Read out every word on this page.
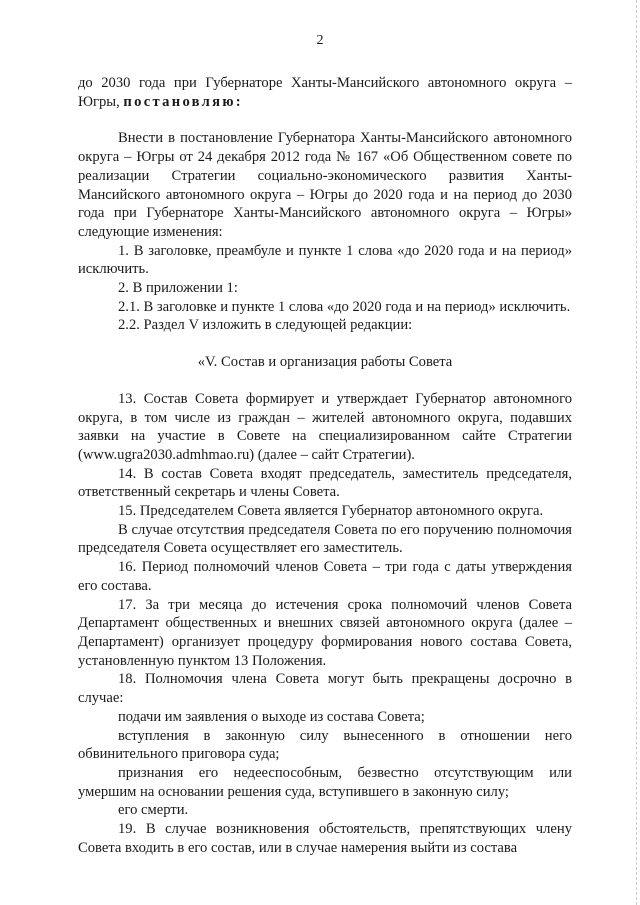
2

до 2030 года при Губернаторе Ханты-Мансийского автономного округа – Югры, постановляю:

Внести в постановление Губернатора Ханты-Мансийского автономного округа – Югры от 24 декабря 2012 года № 167 «Об Общественном совете по реализации Стратегии социально-экономического развития Ханты-Мансийского автономного округа – Югры до 2020 года и на период до 2030 года при Губернаторе Ханты-Мансийского автономного округа – Югры» следующие изменения:

1. В заголовке, преамбуле и пункте 1 слова «до 2020 года и на период» исключить.

2. В приложении 1:

2.1. В заголовке и пункте 1 слова «до 2020 года и на период» исключить.

2.2. Раздел V изложить в следующей редакции:

«V. Состав и организация работы Совета

13. Состав Совета формирует и утверждает Губернатор автономного округа, в том числе из граждан – жителей автономного округа, подавших заявки на участие в Совете на специализированном сайте Стратегии (www.ugra2030.admhmao.ru) (далее – сайт Стратегии).

14. В состав Совета входят председатель, заместитель председателя, ответственный секретарь и члены Совета.

15. Председателем Совета является Губернатор автономного округа.

В случае отсутствия председателя Совета по его поручению полномочия председателя Совета осуществляет его заместитель.

16. Период полномочий членов Совета – три года с даты утверждения его состава.

17. За три месяца до истечения срока полномочий членов Совета Департамент общественных и внешних связей автономного округа (далее – Департамент) организует процедуру формирования нового состава Совета, установленную пунктом 13 Положения.

18. Полномочия члена Совета могут быть прекращены досрочно в случае:

подачи им заявления о выходе из состава Совета;

вступления в законную силу вынесенного в отношении него обвинительного приговора суда;

признания его недееспособным, безвестно отсутствующим или умершим на основании решения суда, вступившего в законную силу;

его смерти.

19. В случае возникновения обстоятельств, препятствующих члену Совета входить в его состав, или в случае намерения выйти из состава
